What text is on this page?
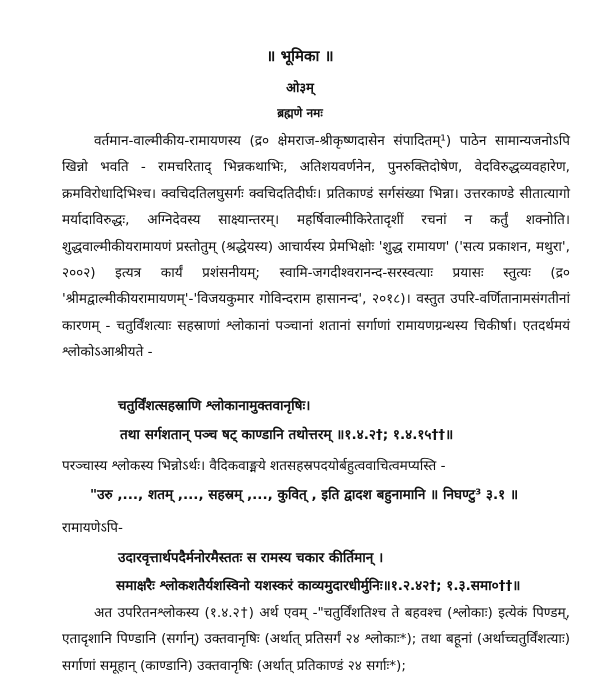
॥ भूमिका ॥
ओ३म्
ब्रह्मणे नमः
वर्तमान-वाल्मीकीय-रामायणस्य (द्र० क्षेमराज-श्रीकृष्णदासेन संपादितम्¹) पाठेन सामान्यजनोऽपि खिन्नो भवति - रामचरिताद् भिन्नकथाभिः, अतिशयवर्णनेन, पुनरुक्तिदोषेण, वेदविरुद्धव्यवहारेण, क्रमविरोधादिभिश्च। क्वचिदतिलघुसर्गः क्वचिदतिदीर्घः। प्रतिकाण्डं सर्गसंख्या भिन्ना। उत्तरकाण्डे सीतात्यागो मर्यादाविरुद्धः, अग्निदेवस्य साक्ष्यान्तरम्। महर्षिवाल्मीकिरेतादृशीं रचनां न कर्तुं शक्नोति। शुद्धवाल्मीकीयरामायणं प्रस्तोतुम् (श्रद्धेयस्य) आचार्यस्य प्रेमभिक्षोः 'शुद्ध रामायण' ('सत्य प्रकाशन, मथुरा', २००२) इत्यत्र कार्यं प्रशंसनीयम्; स्वामि-जगदीश्वरानन्द-सरस्वत्याः प्रयासः स्तुत्यः (द्र० 'श्रीमद्वाल्मीकीयरामायणम्'-'विजयकुमार गोविन्दराम हासानन्द', २०१८)। वस्तुत उपरि-वर्णितानामसंगतीनां कारणम् - चतुर्विंशत्याः सहस्राणां श्लोकानां पञ्चानां शतानां सर्गाणां रामायणग्रन्थस्य चिकीर्षा। एतदर्थमयं श्लोकोऽआश्रीयते -
चतुर्विंशत्सहस्राणि श्लोकानामुक्तवानृषिः।
तथा सर्गशतान् पञ्च षट् काण्डानि तथोत्तरम् ॥१.४.२†; १.४.१५††॥
परञ्चास्य श्लोकस्य भिन्नोऽर्थः। वैदिकवाङ्मये शतसहस्रपदयोर्बहुत्ववाचित्वमप्यस्ति -
"उरु ,..., शतम् ,..., सहस्रम् ,..., कुवित् , इति द्वादश बहुनामानि ॥ निघण्टु³ ३.१ ॥
रामायणेऽपि-
उदारवृत्तार्थपदैर्मनोरमैस्ततः स रामस्य चकार कीर्तिमान् ।
समाक्षरैः श्लोकशतैर्यशस्विनो यशस्करं काव्यमुदारधीर्मुनिः॥१.२.४२†; १.३.समा०††॥
अत उपरितनश्लोकस्य (१.४.२†) अर्थ एवम् -"चतुर्विंशतिश्च ते बहवश्च (श्लोकाः) इत्येकं पिण्डम्, एतादृशानि पिण्डानि (सर्गान्) उक्तवानृषिः (अर्थात् प्रतिसर्गं २४ श्लोकाः*); तथा बहूनां (अर्थाच्चतुर्विंशत्याः) सर्गाणां समूहान् (काण्डानि) उक्तवानृषिः (अर्थात् प्रतिकाण्डं २४ सर्गाः*);
